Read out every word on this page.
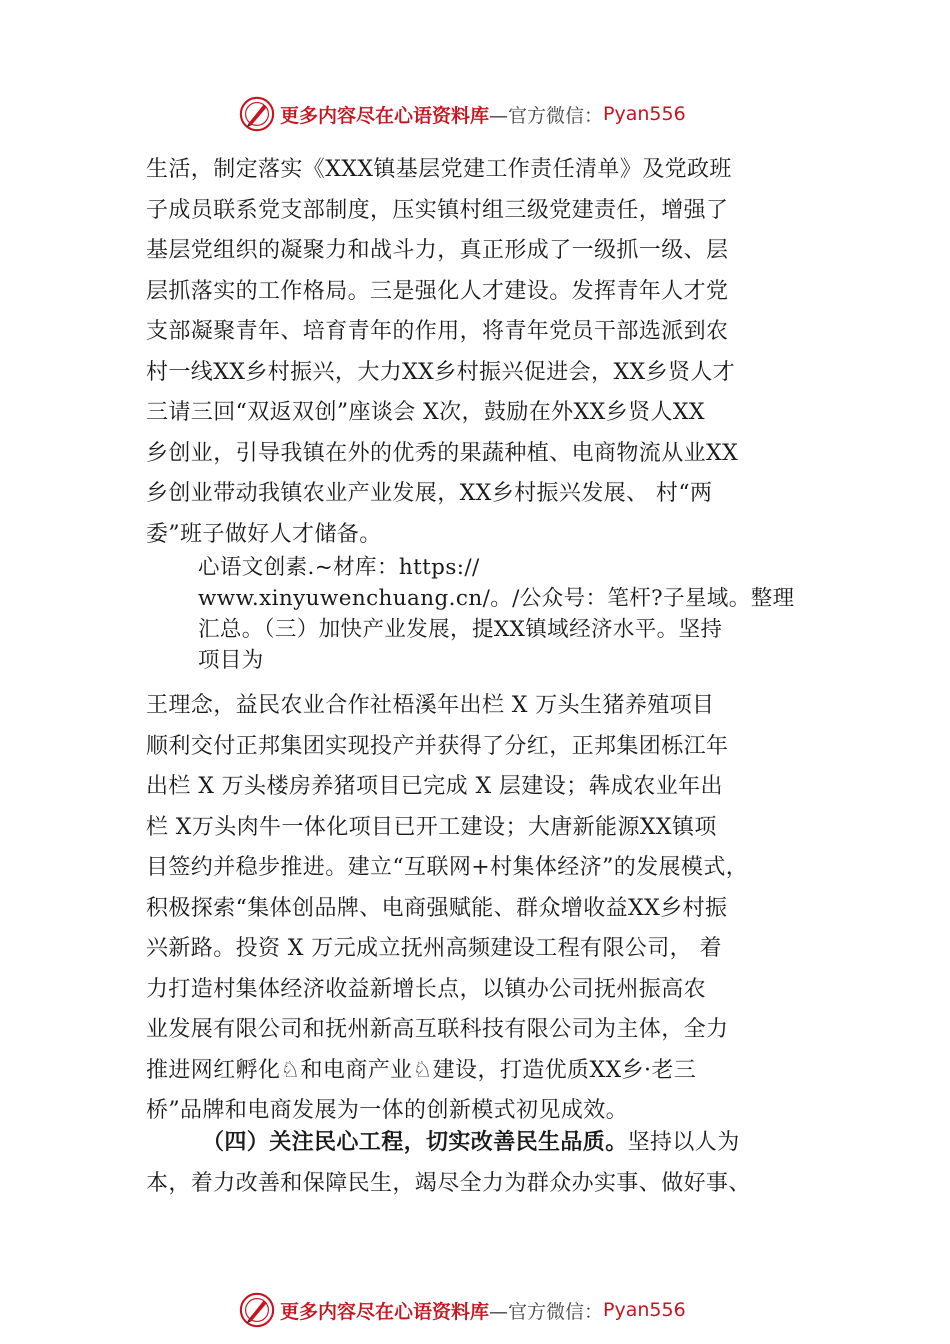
更多内容尽在心语资料库 —官方微信： Pyan556
生活，制定落实《XXX镇基层党建工作责任清单》及党政班
子成员联系党支部制度，压实镇村组三级党建责任，增强了
基层党组织的凝聚力和战斗力，真正形成了一级抓一级、层
层抓落实的工作格局。三是强化人才建设。发挥青年人才党
支部凝聚青年、培育青年的作用，将青年党员干部选派到农
村一线XX乡村振兴，大力XX乡村振兴促进会，XX乡贤人才
三请三回“双返双创”座谈会 X次，鼓励在外XX乡贤人XX
乡创业，引导我镇在外的优秀的果蔬种植、电商物流从业XX
乡创业带动我镇农业产业发展，XX乡村振兴发展、 村“两
委”班子做好人才储备。
心语文创素.~材库：https://
www.xinyuwenchuang.cn/。/公众号：笔杆?子星域。整理
汇总。（三）加快产业发展，提XX镇域经济水平。坚持
项目为
王理念，益民农业合作社梧溪年出栏 X 万头生猪养殖项目
顺利交付正邦集团实现投产并获得了分红，正邦集团栎江年
出栏 X 万头楼房养猪项目已完成 X 层建设；犇成农业年出
栏 X万头肉牛一体化项目已开工建设；大唐新能源XX镇项
目签约并稳步推进。建立“互联网+村集体经济”的发展模式，
积极探索“集体创品牌、电商强赋能、群众增收益XX乡村振
兴新路。投资 X 万元成立抚州高频建设工程有限公司， 着
力打造村集体经济收益新增长点，以镇办公司抚州振高农
业发展有限公司和抚州新高互联科技有限公司为主体，全力
推进网红孵化♘和电商产业♘建设，打造优质XX乡·老三
桥”品牌和电商发展为一体的创新模式初见成效。
（四）关注民心工程，切实改善民生品质。坚持以人为
本，着力改善和保障民生，竭尽全力为群众办实事、做好事、
更多内容尽在心语资料库 —官方微信： Pyan556
